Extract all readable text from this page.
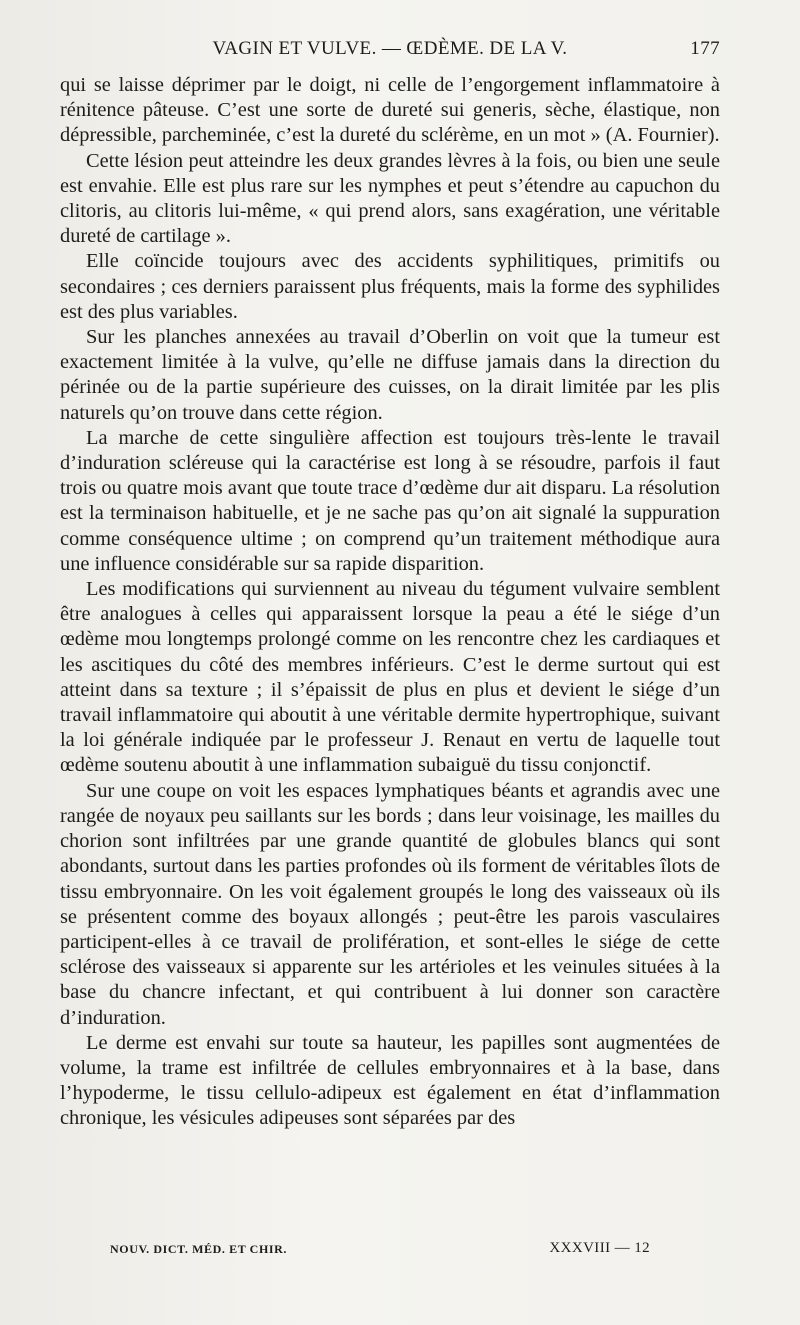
VAGIN ET VULVE. — ŒDÈME. DE LA V.	177

qui se laisse déprimer par le doigt, ni celle de l’engorgement inflammatoire à rénitence pâteuse. C’est une sorte de dureté sui generis, sèche, élastique, non dépressible, parcheminée, c’est la dureté du sclérème, en un mot » (A. Fournier).

Cette lésion peut atteindre les deux grandes lèvres à la fois, ou bien une seule est envahie. Elle est plus rare sur les nymphes et peut s’étendre au capuchon du clitoris, au clitoris lui-même, « qui prend alors, sans exagération, une véritable dureté de cartilage ».

Elle coïncide toujours avec des accidents syphilitiques, primitifs ou secondaires ; ces derniers paraissent plus fréquents, mais la forme des syphilides est des plus variables.

Sur les planches annexées au travail d’Oberlin on voit que la tumeur est exactement limitée à la vulve, qu’elle ne diffuse jamais dans la direction du périnée ou de la partie supérieure des cuisses, on la dirait limitée par les plis naturels qu’on trouve dans cette région.

La marche de cette singulière affection est toujours très-lente le travail d’induration scléreuse qui la caractérise est long à se résoudre, parfois il faut trois ou quatre mois avant que toute trace d’œdème dur ait disparu. La résolution est la terminaison habituelle, et je ne sache pas qu’on ait signalé la suppuration comme conséquence ultime ; on comprend qu’un traitement méthodique aura une influence considérable sur sa rapide disparition.

Les modifications qui surviennent au niveau du tégument vulvaire semblent être analogues à celles qui apparaissent lorsque la peau a été le siége d’un œdème mou longtemps prolongé comme on les rencontre chez les cardiaques et les ascitiques du côté des membres inférieurs. C’est le derme surtout qui est atteint dans sa texture ; il s’épaissit de plus en plus et devient le siége d’un travail inflammatoire qui aboutit à une véritable dermite hypertrophique, suivant la loi générale indiquée par le professeur J. Renaut en vertu de laquelle tout œdème soutenu aboutit à une inflammation subaiguë du tissu conjonctif.

Sur une coupe on voit les espaces lymphatiques béants et agrandis avec une rangée de noyaux peu saillants sur les bords ; dans leur voisinage, les mailles du chorion sont infiltrées par une grande quantité de globules blancs qui sont abondants, surtout dans les parties profondes où ils forment de véritables îlots de tissu embryonnaire. On les voit également groupés le long des vaisseaux où ils se présentent comme des boyaux allongés ; peut-être les parois vasculaires participent-elles à ce travail de prolifération, et sont-elles le siége de cette sclérose des vaisseaux si apparente sur les artérioles et les veinules situées à la base du chancre infectant, et qui contribuent à lui donner son caractère d’induration.

Le derme est envahi sur toute sa hauteur, les papilles sont augmentées de volume, la trame est infiltrée de cellules embryonnaires et à la base, dans l’hypoderme, le tissu cellulo-adipeux est également en état d’inflammation chronique, les vésicules adipeuses sont séparées par des

NOUV. DICT. MÉD. ET CHIR.	XXXVIII — 12
